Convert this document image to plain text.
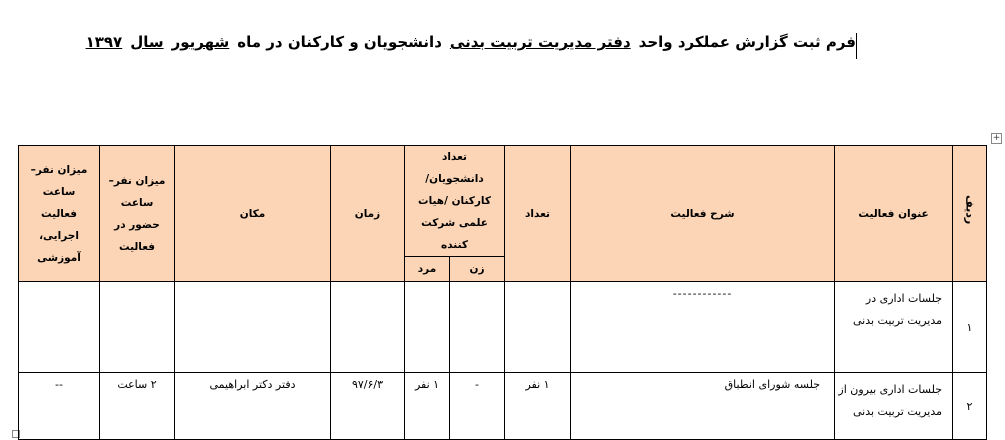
فرم ثبت گزارش عملکرد واحددفتر مدیریت تربیت بدنیدانشجویان و کارکنان در ماهشهریورسال۱۳۹۷
+
ردیف	عنوان فعالیت	شرح فعالیت	تعداد	تعداد دانشجویان/ کارکنان /هیات علمی شرکت کننده		زمان	مکان	میزان نفر– ساعت حضور در فعالیت	میزان نفر– ساعت فعالیت اجرایی، آموزشی
				زن	مرد				
۱	جلسات اداری در مدیریت تربیت بدنی	------------							
۲	جلسات اداری بیرون از مدیریت تربیت بدنی	جلسه شورای انطباق	۱ نفر	-	۱ نفر	۹۷/۶/۳	دفتر دکتر ابراهیمی	۲ ساعت	--
